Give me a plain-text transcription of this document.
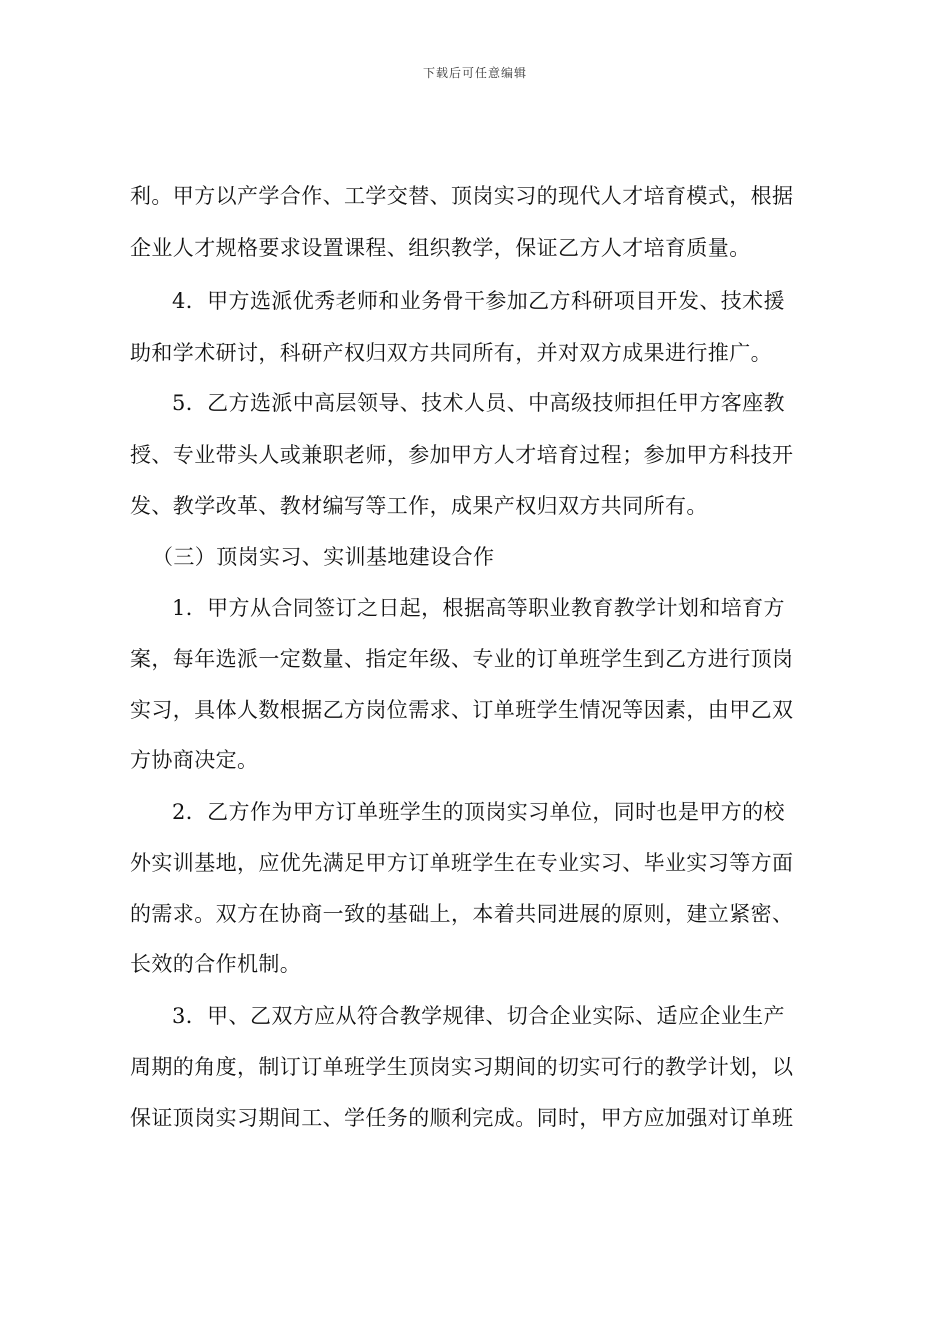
下载后可任意编辑
利。甲方以产学合作、工学交替、顶岗实习的现代人才培育模式，根据
企业人才规格要求设置课程、组织教学，保证乙方人才培育质量。
4．甲方选派优秀老师和业务骨干参加乙方科研项目开发、技术援
助和学术研讨，科研产权归双方共同所有，并对双方成果进行推广。
5．乙方选派中高层领导、技术人员、中高级技师担任甲方客座教
授、专业带头人或兼职老师，参加甲方人才培育过程；参加甲方科技开
发、教学改革、教材编写等工作，成果产权归双方共同所有。
（三）顶岗实习、实训基地建设合作
1．甲方从合同签订之日起，根据高等职业教育教学计划和培育方
案，每年选派一定数量、指定年级、专业的订单班学生到乙方进行顶岗
实习，具体人数根据乙方岗位需求、订单班学生情况等因素，由甲乙双
方协商决定。
2．乙方作为甲方订单班学生的顶岗实习单位，同时也是甲方的校
外实训基地，应优先满足甲方订单班学生在专业实习、毕业实习等方面
的需求。双方在协商一致的基础上，本着共同进展的原则，建立紧密、
长效的合作机制。
3．甲、乙双方应从符合教学规律、切合企业实际、适应企业生产
周期的角度，制订订单班学生顶岗实习期间的切实可行的教学计划，以
保证顶岗实习期间工、学任务的顺利完成。同时，甲方应加强对订单班
